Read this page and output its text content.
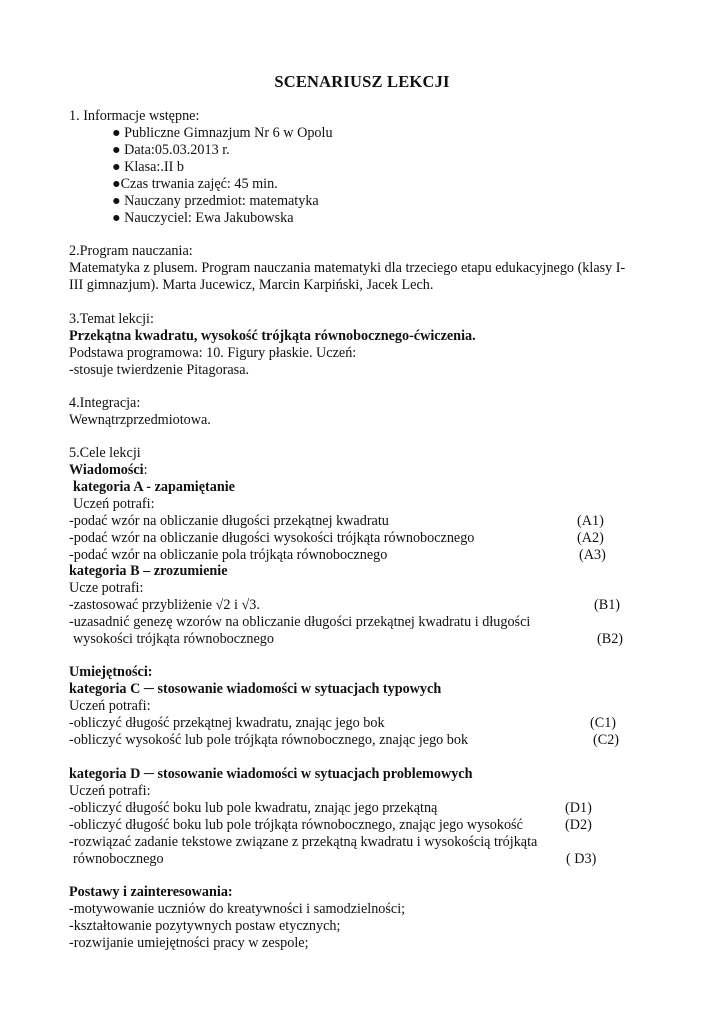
SCENARIUSZ LEKCJI
1. Informacje wstępne:
● Publiczne Gimnazjum Nr 6 w Opolu
● Data:05.03.2013 r.
● Klasa:.II b
●Czas trwania zajęć: 45 min.
● Nauczany przedmiot: matematyka
● Nauczyciel: Ewa Jakubowska
2.Program nauczania:
Matematyka z plusem. Program nauczania matematyki dla trzeciego etapu edukacyjnego (klasy I-
III gimnazjum). Marta Jucewicz, Marcin Karpiński, Jacek Lech.
3.Temat lekcji:
Przekątna kwadratu, wysokość trójkąta równobocznego-ćwiczenia.
Podstawa programowa: 10. Figury płaskie. Uczeń:
-stosuje twierdzenie Pitagorasa.
4.Integracja:
Wewnątrzprzedmiotowa.
5.Cele lekcji
Wiadomości:
kategoria A - zapamiętanie
Uczeń potrafi:
-podać wzór na obliczanie długości przekątnej kwadratu	(A1)
-podać wzór na obliczanie długości wysokości trójkąta równobocznego	(A2)
-podać wzór na obliczanie pola trójkąta równobocznego	(A3)
kategoria B – zrozumienie
Ucze potrafi:
-zastosować przybliżenie √2 i √3.	(B1)
-uzasadnić genezę wzorów na obliczanie długości przekątnej kwadratu i długości
wysokości trójkąta równobocznego	(B2)
Umiejętności:
kategoria C ─ stosowanie wiadomości w sytuacjach typowych
Uczeń potrafi:
-obliczyć długość przekątnej kwadratu, znając jego bok	(C1)
-obliczyć wysokość lub pole trójkąta równobocznego, znając jego bok	(C2)
kategoria D ─ stosowanie wiadomości w sytuacjach problemowych
Uczeń potrafi:
-obliczyć długość boku lub pole kwadratu, znając jego przekątną	(D1)
-obliczyć długość boku lub pole trójkąta równobocznego, znając jego wysokość	(D2)
-rozwiązać zadanie tekstowe związane z przekątną kwadratu i wysokością trójkąta
równobocznego	( D3)
Postawy i zainteresowania:
-motywowanie uczniów do kreatywności i samodzielności;
-kształtowanie pozytywnych postaw etycznych;
-rozwijanie umiejętności pracy w zespole;
